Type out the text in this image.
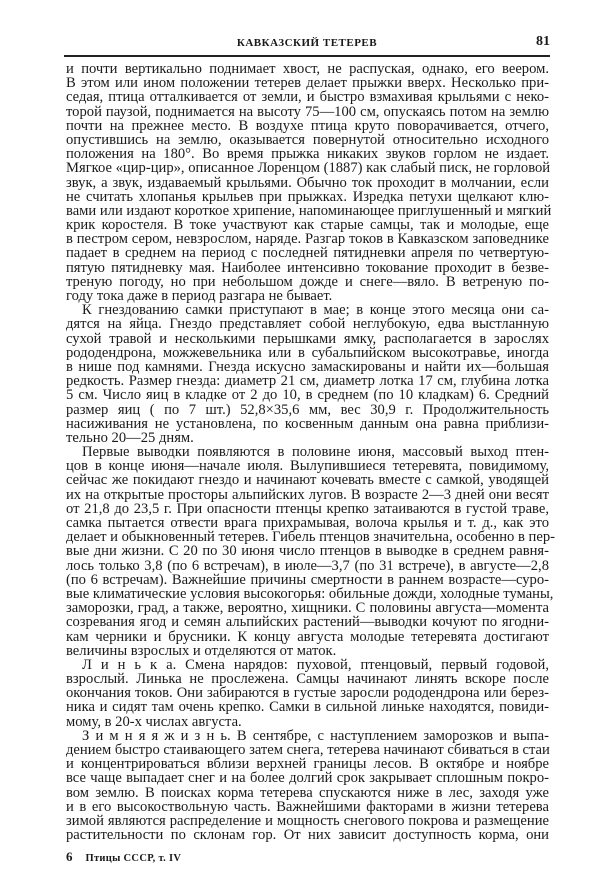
КАВКАЗСКИЙ ТЕТЕРЕВ	81
и почти вертикально поднимает хвост, не распуская, однако, его веером.
В этом или ином положении тетерев делает прыжки вверх. Несколько при-
седая, птица отталкивается от земли, и быстро взмахивая крыльями с неко-
торой паузой, поднимается на высоту 75—100 см, опускаясь потом на землю
почти на прежнее место. В воздухе птица круто поворачивается, отчего,
опустившись на землю, оказывается повернутой относительно исходного
положения на 180°. Во время прыжка никаких звуков горлом не издает.
Мягкое «цир-цир», описанное Лоренцом (1887) как слабый писк, не горловой
звук, а звук, издаваемый крыльями. Обычно ток проходит в молчании, если
не считать хлопанья крыльев при прыжках. Изредка петухи щелкают клю-
вами или издают короткое хрипение, напоминающее приглушенный и мягкий
крик коростеля. В токе участвуют как старые самцы, так и молодые, еще
в пестром сером, невзрослом, наряде. Разгар токов в Кавказском заповеднике
падает в среднем на период с последней пятидневки апреля по четвертую-
пятую пятидневку мая. Наиболее интенсивно токование проходит в безве-
треную погоду, но при небольшом дожде и снеге—вяло. В ветреную по-
году тока даже в период разгара не бывает.
К гнездованию самки приступают в мае; в конце этого месяца они са-
дятся на яйца. Гнездо представляет собой неглубокую, едва выстланную
сухой травой и несколькими перышками ямку, располагается в зарослях
рододендрона, можжевельника или в субальпийском высокотравье, иногда
в нише под камнями. Гнезда искусно замаскированы и найти их—большая
редкость. Размер гнезда: диаметр 21 см, диаметр лотка 17 см, глубина лотка
5 см. Число яиц в кладке от 2 до 10, в среднем (по 10 кладкам) 6. Средний
размер яиц ( по 7 шт.) 52,8×35,6 мм, вес 30,9 г. Продолжительность
насиживания не установлена, по косвенным данным она равна приблизи-
тельно 20—25 дням.
Первые выводки появляются в половине июня, массовый выход птен-
цов в конце июня—начале июля. Вылупившиеся тетеревята, повидимому,
сейчас же покидают гнездо и начинают кочевать вместе с самкой, уводящей
их на открытые просторы альпийских лугов. В возрасте 2—3 дней они весят
от 21,8 до 23,5 г. При опасности птенцы крепко затаиваются в густой траве,
самка пытается отвести врага прихрамывая, волоча крылья и т. д., как это
делает и обыкновенный тетерев. Гибель птенцов значительна, особенно в пер-
вые дни жизни. С 20 по 30 июня число птенцов в выводке в среднем равня-
лось только 3,8 (по 6 встречам), в июле—3,7 (по 31 встрече), в августе—2,8
(по 6 встречам). Важнейшие причины смертности в раннем возрасте—суро-
вые климатические условия высокогорья: обильные дожди, холодные туманы,
заморозки, град, а также, вероятно, хищники. С половины августа—момента
созревания ягод и семян альпийских растений—выводки кочуют по ягодни-
кам черники и брусники. К концу августа молодые тетеревята достигают
величины взрослых и отделяются от маток.
Л и н ь к а. Смена нарядов: пуховой, птенцовый, первый годовой,
взрослый. Линька не прослежена. Самцы начинают линять вскоре после
окончания токов. Они забираются в густые заросли рододендрона или берез-
ника и сидят там очень крепко. Самки в сильной линьке находятся, повиди-
мому, в 20-х числах августа.
З и м н я я ж и з н ь. В сентябре, с наступлением заморозков и выпа-
дением быстро стаивающего затем снега, тетерева начинают сбиваться в стаи
и концентрироваться вблизи верхней границы лесов. В октябре и ноябре
все чаще выпадает снег и на более долгий срок закрывает сплошным покро-
вом землю. В поисках корма тетерева спускаются ниже в лес, заходя уже
и в его высокоствольную часть. Важнейшими факторами в жизни тетерева
зимой являются распределение и мощность снегового покрова и размещение
растительности по склонам гор. От них зависит доступность корма, они
6 Птицы СССР, т. IV
